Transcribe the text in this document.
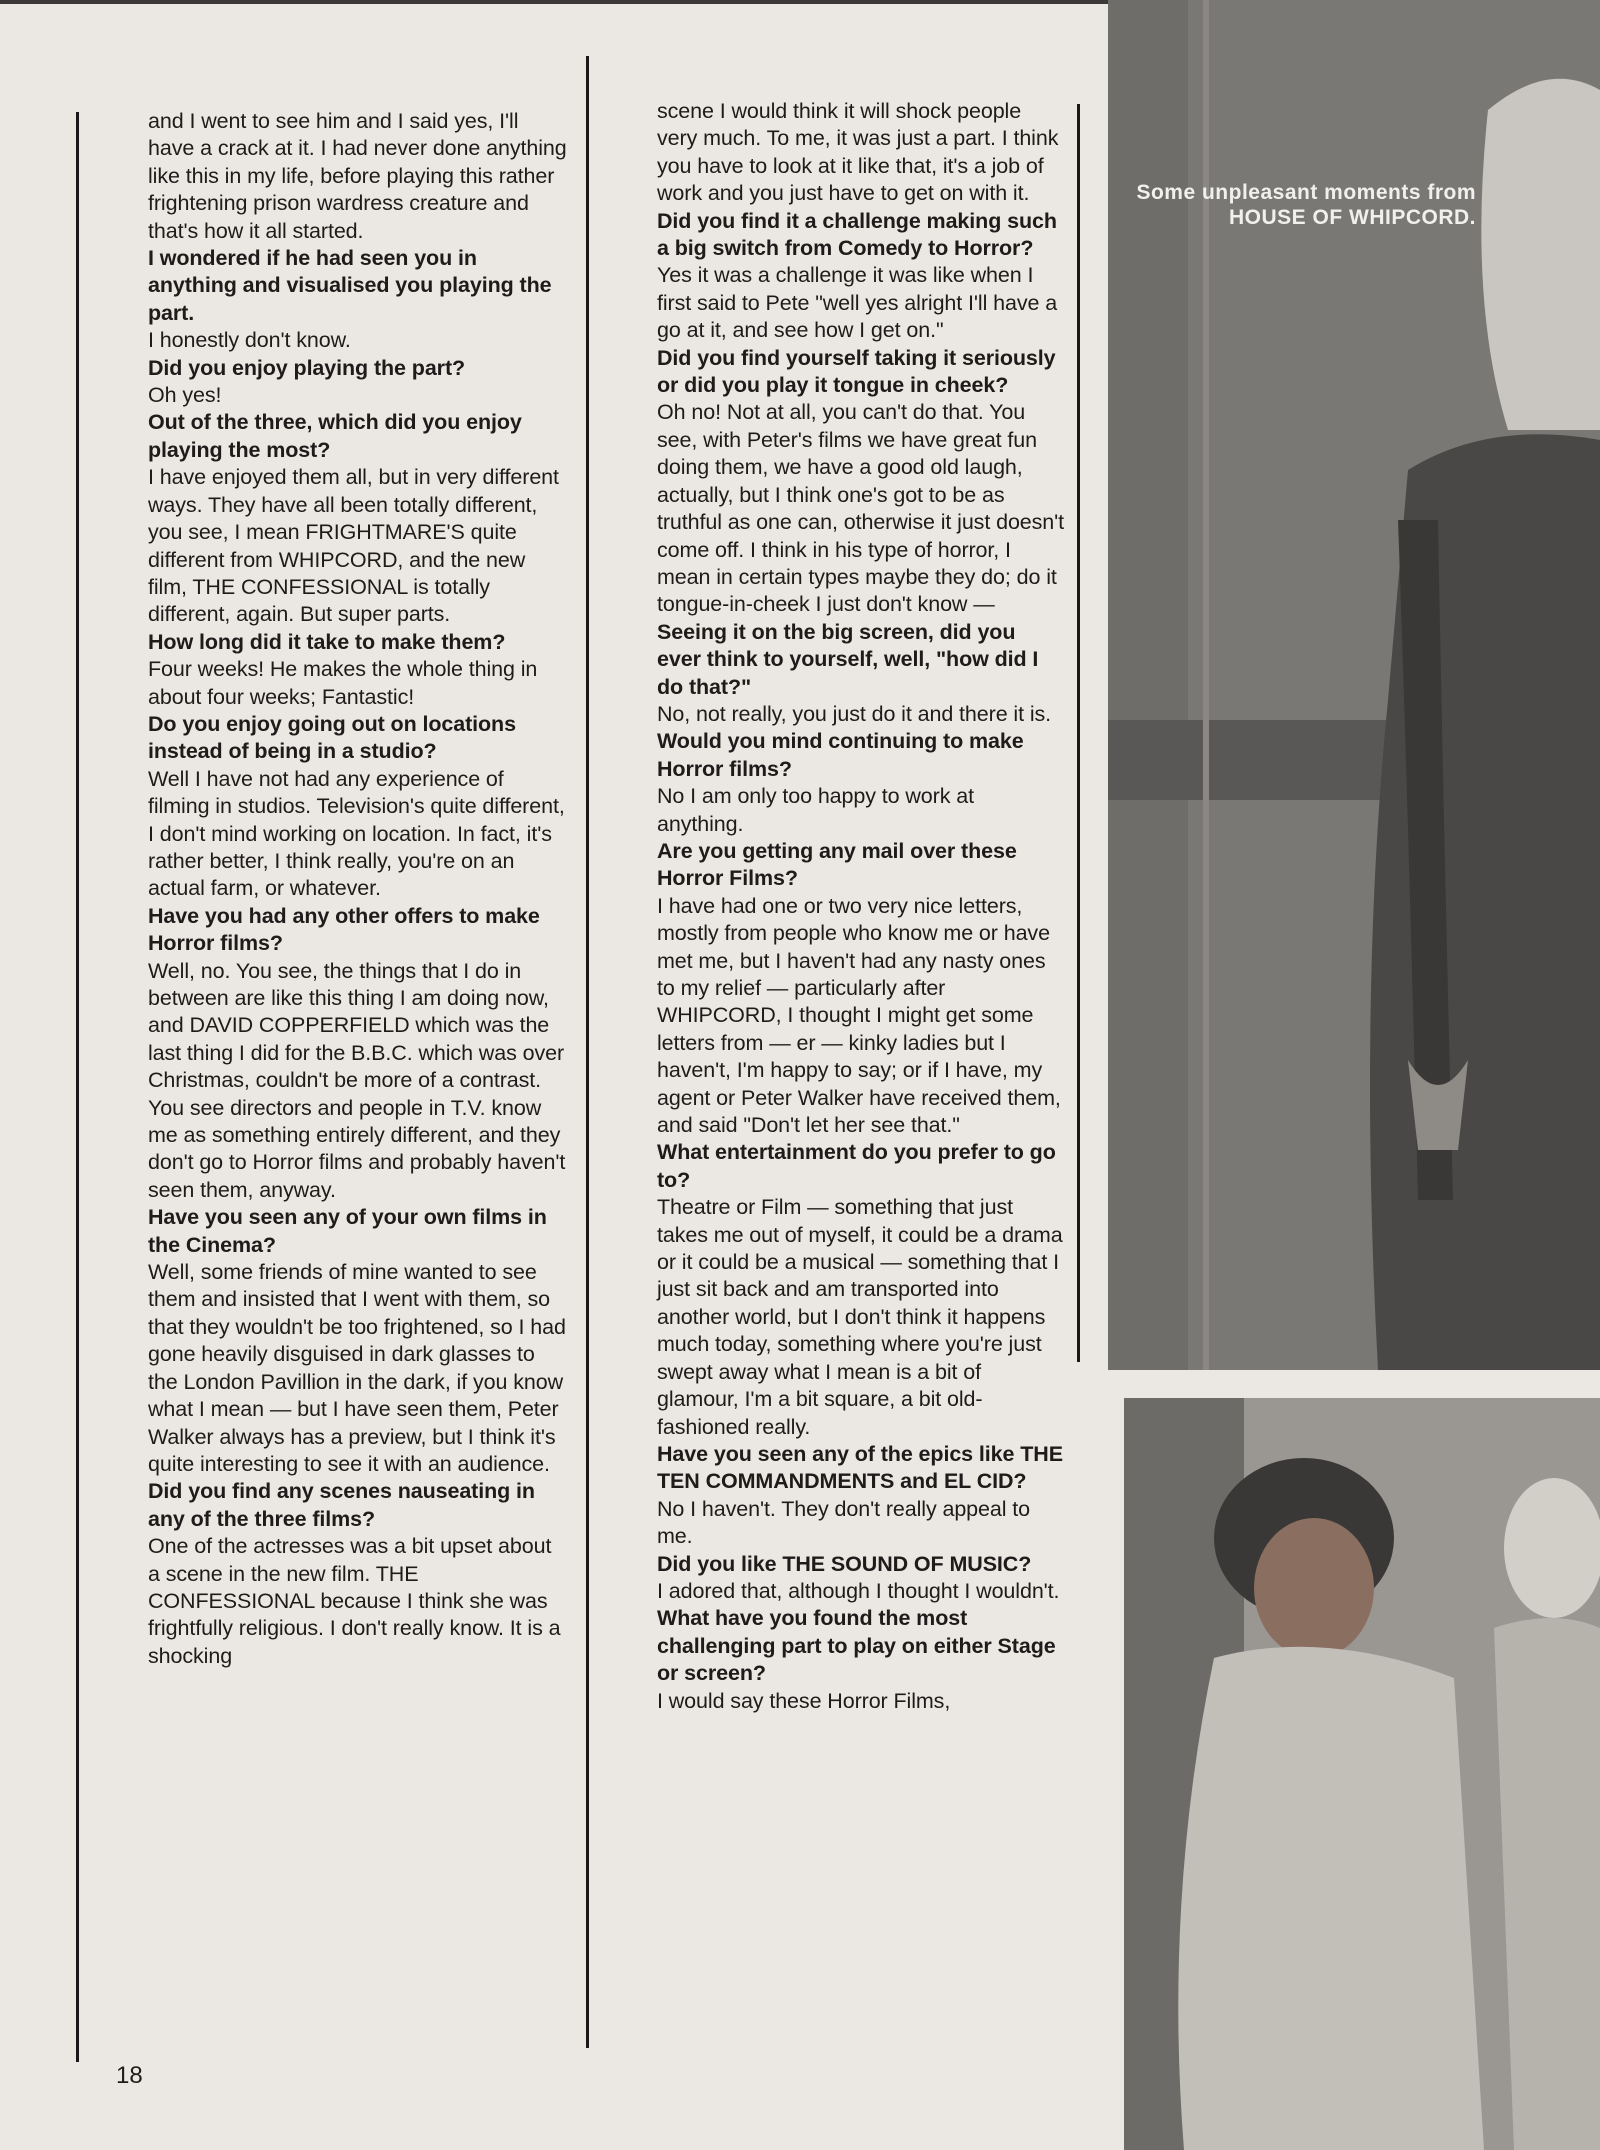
and I went to see him and I said yes, I'll have a crack at it. I had never done anything like this in my life, before playing this rather frightening prison wardress creature and that's how it all started.

I wondered if he had seen you in anything and visualised you playing the part.

I honestly don't know.

Did you enjoy playing the part?

Oh yes!

Out of the three, which did you enjoy playing the most?

I have enjoyed them all, but in very different ways. They have all been totally different, you see, I mean FRIGHTMARE'S quite different from WHIPCORD, and the new film, THE CONFESSIONAL is totally different, again. But super parts.

How long did it take to make them?

Four weeks! He makes the whole thing in about four weeks; Fantastic!

Do you enjoy going out on locations instead of being in a studio?

Well I have not had any experience of filming in studios. Television's quite different, I don't mind working on location. In fact, it's rather better, I think really, you're on an actual farm, or whatever.

Have you had any other offers to make Horror films?

Well, no. You see, the things that I do in between are like this thing I am doing now, and DAVID COPPERFIELD which was the last thing I did for the B.B.C. which was over Christmas, couldn't be more of a contrast. You see directors and people in T.V. know me as something entirely different, and they don't go to Horror films and probably haven't seen them, anyway.

Have you seen any of your own films in the Cinema?

Well, some friends of mine wanted to see them and insisted that I went with them, so that they wouldn't be too frightened, so I had gone heavily disguised in dark glasses to the London Pavillion in the dark, if you know what I mean — but I have seen them, Peter Walker always has a preview, but I think it's quite interesting to see it with an audience.

Did you find any scenes nauseating in any of the three films?

One of the actresses was a bit upset about a scene in the new film. THE CONFESSIONAL because I think she was frightfully religious. I don't really know. It is a shocking

scene I would think it will shock people very much. To me, it was just a part. I think you have to look at it like that, it's a job of work and you just have to get on with it.

Did you find it a challenge making such a big switch from Comedy to Horror?

Yes it was a challenge it was like when I first said to Pete "well yes alright I'll have a go at it, and see how I get on."

Did you find yourself taking it seriously or did you play it tongue in cheek?

Oh no! Not at all, you can't do that. You see, with Peter's films we have great fun doing them, we have a good old laugh, actually, but I think one's got to be as truthful as one can, otherwise it just doesn't come off. I think in his type of horror, I mean in certain types maybe they do; do it tongue-in-cheek I just don't know —

Seeing it on the big screen, did you ever think to yourself, well, "how did I do that?"

No, not really, you just do it and there it is.

Would you mind continuing to make Horror films?

No I am only too happy to work at anything.

Are you getting any mail over these Horror Films?

I have had one or two very nice letters, mostly from people who know me or have met me, but I haven't had any nasty ones to my relief — particularly after WHIPCORD, I thought I might get some letters from — er — kinky ladies but I haven't, I'm happy to say; or if I have, my agent or Peter Walker have received them, and said "Don't let her see that."

What entertainment do you prefer to go to?

Theatre or Film — something that just takes me out of myself, it could be a drama or it could be a musical — something that I just sit back and am transported into another world, but I don't think it happens much today, something where you're just swept away what I mean is a bit of glamour, I'm a bit square, a bit old-fashioned really.

Have you seen any of the epics like THE TEN COMMANDMENTS and EL CID?

No I haven't. They don't really appeal to me.

Did you like THE SOUND OF MUSIC?

I adored that, although I thought I wouldn't.

What have you found the most challenging part to play on either Stage or screen?

I would say these Horror Films,

Some unpleasant moments from HOUSE OF WHIPCORD.
18
